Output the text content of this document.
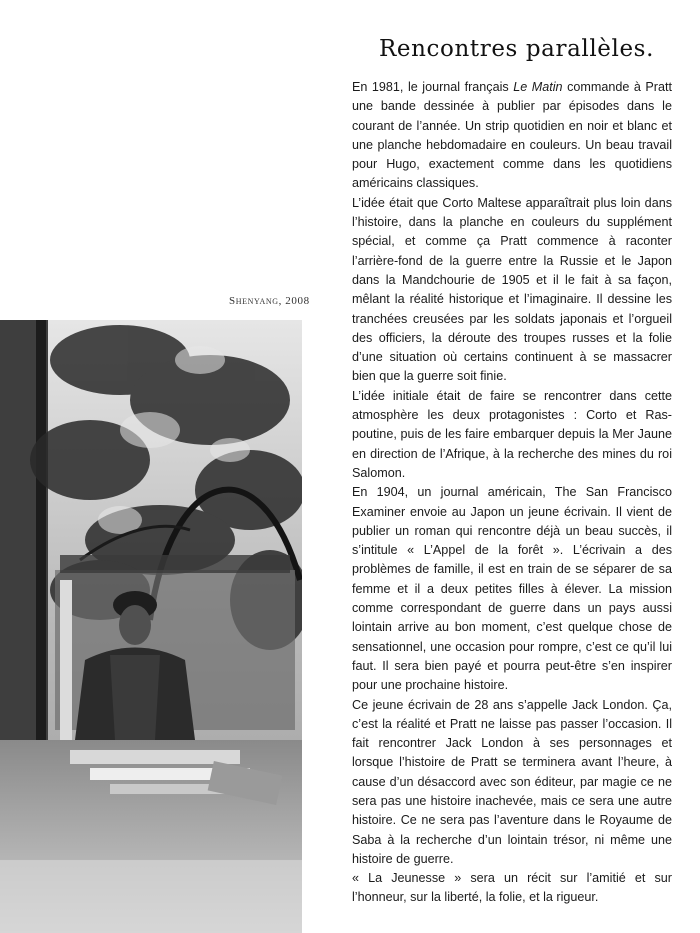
Rencontres parallèles.
Shenyang, 2008

En 1981, le journal français Le Matin commande à Pratt une bande dessinée à publier par épisodes dans le courant de l’année. Un strip quotidien en noir et blanc et une planche hebdomadaire en couleurs. Un beau travail pour Hugo, exactement comme dans les quotidiens américains classiques.

L’idée était que Corto Maltese apparaîtrait plus loin dans l’histoire, dans la planche en couleurs du supplément spécial, et comme ça Pratt commence à raconter l’arrière-fond de la guerre entre la Russie et le Japon dans la Mandchourie de 1905 et il le fait à sa façon, mêlant la réalité historique et l’imaginaire. Il dessine les tranchées creusées par les soldats japonais et l’orgueil des officiers, la déroute des troupes russes et la folie d’une situation où certains continuent à se massacrer bien que la guerre soit finie.

L’idée initiale était de faire se rencontrer dans cette atmosphère les deux protagonistes : Corto et Raspoutine, puis de les faire embarquer depuis la Mer Jaune en direction de l’Afrique, à la recherche des mines du roi Salomon.

En 1904, un journal américain, The San Francisco Examiner envoie au Japon un jeune écrivain. Il vient de publier un roman qui rencontre déjà un beau succès, il s’intitule « L’Appel de la forêt ». L’écrivain a des problèmes de famille, il est en train de se séparer de sa femme et il a deux petites filles à élever. La mission comme correspondant de guerre dans un pays aussi lointain arrive au bon moment, c’est quelque chose de sensationnel, une occasion pour rompre, c’est ce qu’il lui faut. Il sera bien payé et pourra peut-être s’en inspirer pour une prochaine histoire.

Ce jeune écrivain de 28 ans s’appelle Jack London. Ça, c’est la réalité et Pratt ne laisse pas passer l’occasion. Il fait rencontrer Jack London à ses personnages et lorsque l’histoire de Pratt se terminera avant l’heure, à cause d’un désaccord avec son éditeur, par magie ce ne sera pas une histoire inachevée, mais ce sera une autre histoire. Ce ne sera pas l’aventure dans le Royaume de Saba à la recherche d’un lointain trésor, ni même une histoire de guerre.

« La Jeunesse » sera un récit sur l’amitié et sur l’honneur, sur la liberté, la folie, et la rigueur.
